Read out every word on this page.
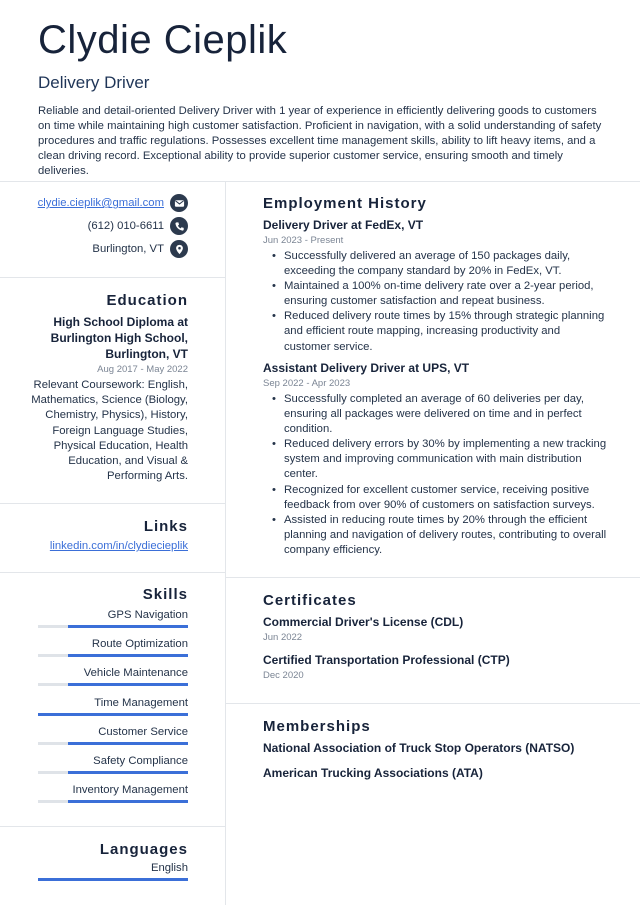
Clydie Cieplik
Delivery Driver
Reliable and detail-oriented Delivery Driver with 1 year of experience in efficiently delivering goods to customers on time while maintaining high customer satisfaction. Proficient in navigation, with a solid understanding of safety procedures and traffic regulations. Possesses excellent time management skills, ability to lift heavy items, and a clean driving record. Exceptional ability to provide superior customer service, ensuring smooth and timely deliveries.
clydie.cieplik@gmail.com
(612) 010-6611
Burlington, VT
Education
High School Diploma at Burlington High School, Burlington, VT
Aug 2017 - May 2022
Relevant Coursework: English, Mathematics, Science (Biology, Chemistry, Physics), History, Foreign Language Studies, Physical Education, Health Education, and Visual & Performing Arts.
Links
linkedin.com/in/clydiecieplik
Skills
GPS Navigation
Route Optimization
Vehicle Maintenance
Time Management
Customer Service
Safety Compliance
Inventory Management
Languages
English
Employment History
Delivery Driver at FedEx, VT
Jun 2023 - Present
• Successfully delivered an average of 150 packages daily, exceeding the company standard by 20% in FedEx, VT.
• Maintained a 100% on-time delivery rate over a 2-year period, ensuring customer satisfaction and repeat business.
• Reduced delivery route times by 15% through strategic planning and efficient route mapping, increasing productivity and customer service.
Assistant Delivery Driver at UPS, VT
Sep 2022 - Apr 2023
• Successfully completed an average of 60 deliveries per day, ensuring all packages were delivered on time and in perfect condition.
• Reduced delivery errors by 30% by implementing a new tracking system and improving communication with main distribution center.
• Recognized for excellent customer service, receiving positive feedback from over 90% of customers on satisfaction surveys.
• Assisted in reducing route times by 20% through the efficient planning and navigation of delivery routes, contributing to overall company efficiency.
Certificates
Commercial Driver's License (CDL)
Jun 2022
Certified Transportation Professional (CTP)
Dec 2020
Memberships
National Association of Truck Stop Operators (NATSO)
American Trucking Associations (ATA)
